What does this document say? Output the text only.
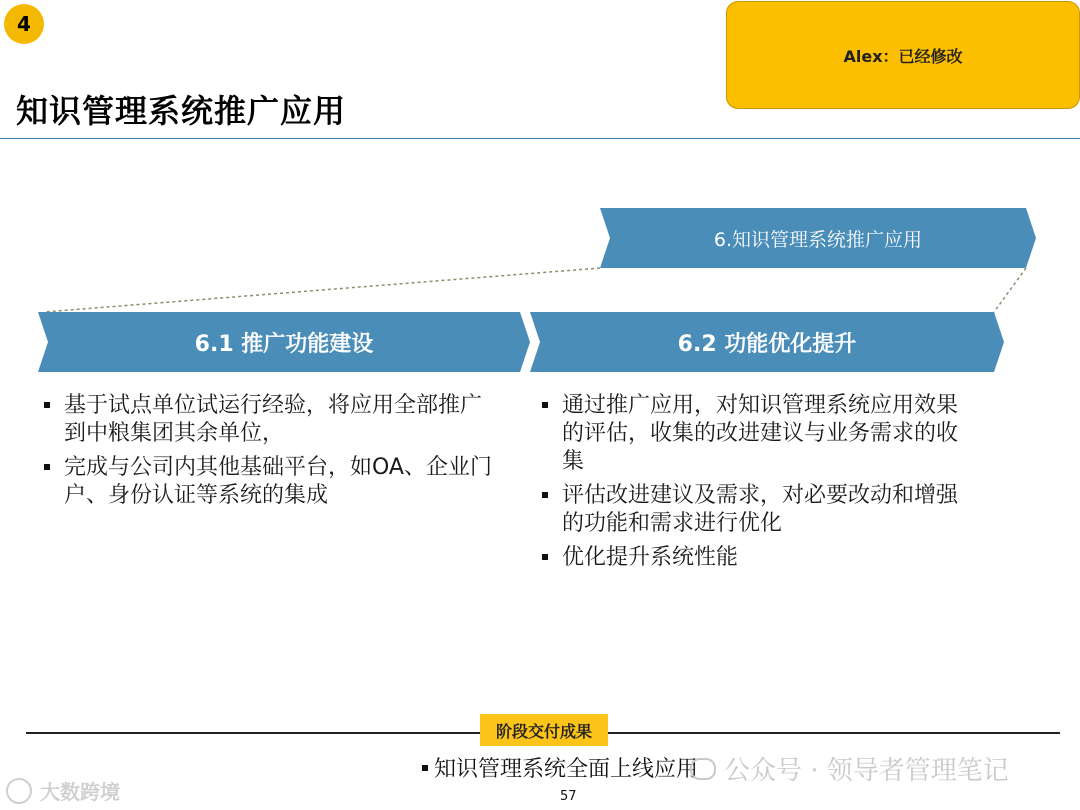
4
Alex：已经修改
知识管理系统推广应用
6.知识管理系统推广应用
6.1 推广功能建设	6.2 功能优化提升
基于试点单位试运行经验，将应用全部推广到中粮集团其余单位，
完成与公司内其他基础平台，如OA、企业门户、身份认证等系统的集成
通过推广应用，对知识管理系统应用效果的评估，收集的改进建议与业务需求的收集
评估改进建议及需求，对必要改动和增强的功能和需求进行优化
优化提升系统性能
阶段交付成果
知识管理系统全面上线应用
57
大数跨境
公众号 · 领导者管理笔记
